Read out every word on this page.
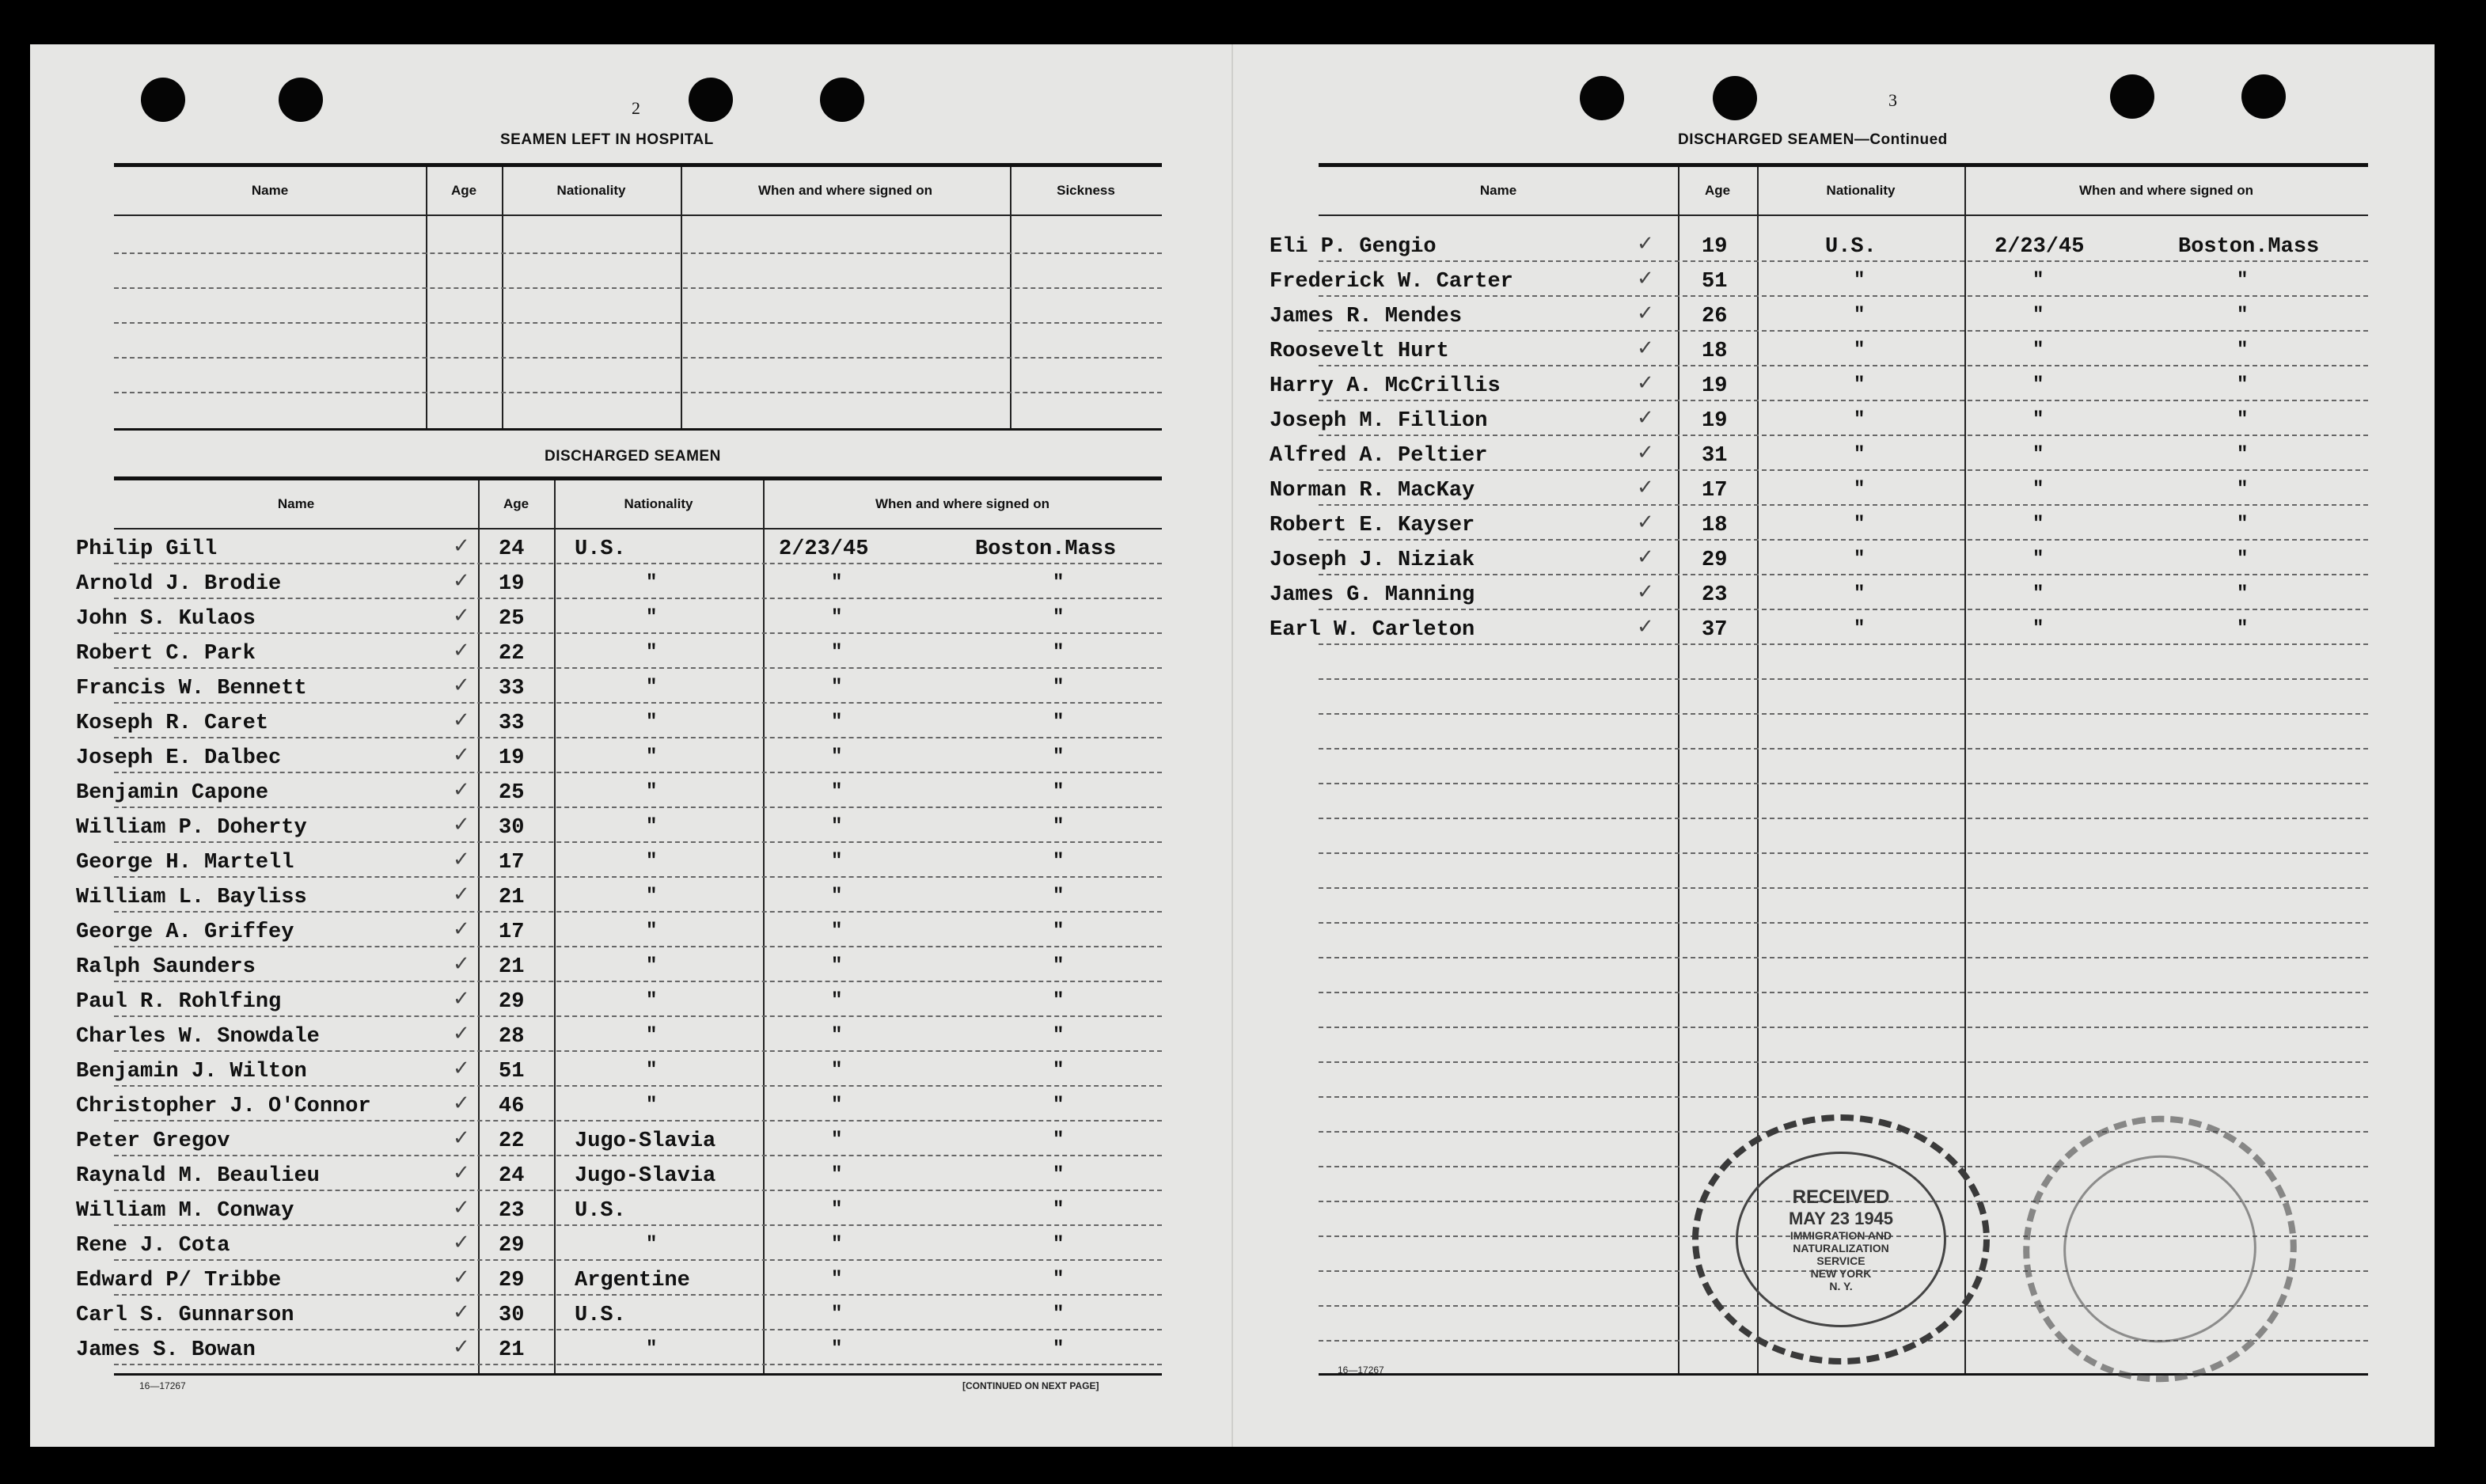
2
SEAMEN LEFT IN HOSPITAL
Name	Age	Nationality	When and where signed on	Sickness
DISCHARGED SEAMEN
Name	Age	Nationality	When and where signed on
Philip Gill	24 U.S.	2/23/45	Boston.Mass
✓
Arnold J. Brodie	19	"	"	"
✓
John S. Kulaos	25	"	"	"
✓
Robert C. Park	22	"	"	"
✓
Francis W. Bennett	33	"	"	"
✓
Koseph R. Caret	33	"	"	"
✓
Joseph E. Dalbec	19	"	"	"
✓
Benjamin Capone	25	"	"	"
✓
William P. Doherty	30	"	"	"
✓
George H. Martell	17	"	"	"
✓
William L. Bayliss	21	"	"	"
✓
George A. Griffey	17	"	"	"
✓
Ralph Saunders	21	"	"	"
✓
Paul R. Rohlfing	29	"	"	"
✓
Charles W. Snowdale	28	"	"	"
✓
Benjamin J. Wilton	51	"	"	"
✓
Christopher J. O'Connor	46	"	"	"
✓
Peter Gregov	22 Jugo-Slavia	"	"
✓
Raynald M. Beaulieu	24 Jugo-Slavia	"	"
✓
William M. Conway	23 U.S.	"	"
✓
Rene J. Cota	29	"	"	"
✓
Edward P/ Tribbe	29 Argentine	"	"
✓
Carl S. Gunnarson	30 U.S.	"	"
✓
James S. Bowan	21	"	"	"
✓
16—17267	[CONTINUED ON NEXT PAGE]
3
DISCHARGED SEAMEN—Continued
Name	Age	Nationality	When and where signed on
Eli P. Gengio	19	U.S.	2/23/45	Boston.Mass
✓
Frederick W. Carter	51	"	"	"
✓
James R. Mendes	26	"	"	"
✓
Roosevelt Hurt	18	"	"	"
✓
Harry A. McCrillis	19	"	"	"
✓
Joseph M. Fillion	19	"	"	"
✓
Alfred A. Peltier	31	"	"	"
✓
Norman R. MacKay	17	"	"	"
✓
Robert E. Kayser	18	"	"	"
✓
Joseph J. Niziak	29	"	"	"
✓
James G. Manning	23	"	"	"
✓
Earl W. Carleton	37	"	"	"
✓
16—17267
RECEIVED
MAY 23 1945
IMMIGRATION AND
NATURALIZATION
SERVICE
NEW YORK
N. Y.
